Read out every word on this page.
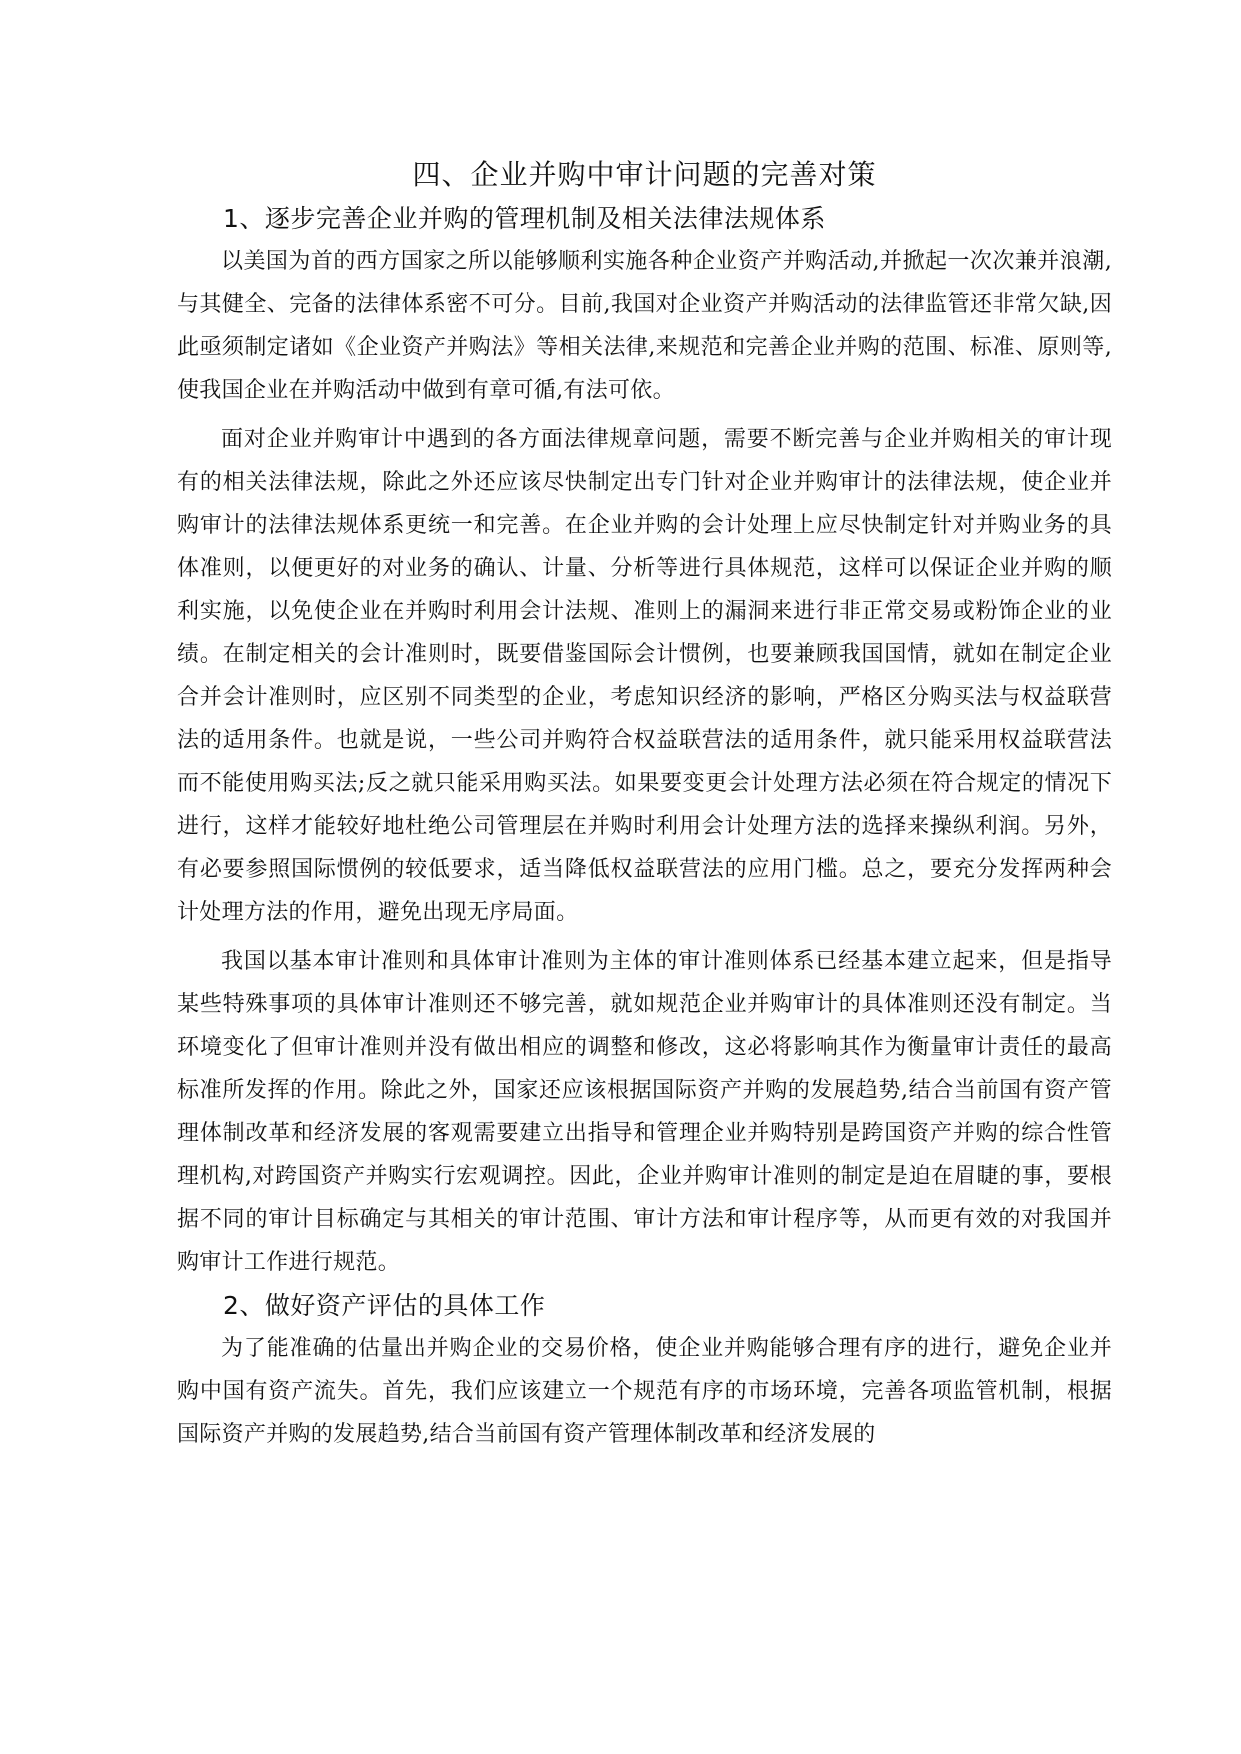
四、企业并购中审计问题的完善对策
1、逐步完善企业并购的管理机制及相关法律法规体系

以美国为首的西方国家之所以能够顺利实施各种企业资产并购活动,并掀起一次次兼并浪潮,与其健全、完备的法律体系密不可分。目前,我国对企业资产并购活动的法律监管还非常欠缺,因此亟须制定诸如《企业资产并购法》等相关法律,来规范和完善企业并购的范围、标准、原则等,使我国企业在并购活动中做到有章可循,有法可依。

面对企业并购审计中遇到的各方面法律规章问题，需要不断完善与企业并购相关的审计现有的相关法律法规，除此之外还应该尽快制定出专门针对企业并购审计的法律法规，使企业并购审计的法律法规体系更统一和完善。在企业并购的会计处理上应尽快制定针对并购业务的具体准则，以便更好的对业务的确认、计量、分析等进行具体规范，这样可以保证企业并购的顺利实施，以免使企业在并购时利用会计法规、准则上的漏洞来进行非正常交易或粉饰企业的业绩。在制定相关的会计准则时，既要借鉴国际会计惯例，也要兼顾我国国情，就如在制定企业合并会计准则时，应区别不同类型的企业，考虑知识经济的影响，严格区分购买法与权益联营法的适用条件。也就是说，一些公司并购符合权益联营法的适用条件，就只能采用权益联营法而不能使用购买法;反之就只能采用购买法。如果要变更会计处理方法必须在符合规定的情况下进行，这样才能较好地杜绝公司管理层在并购时利用会计处理方法的选择来操纵利润。另外，有必要参照国际惯例的较低要求，适当降低权益联营法的应用门槛。总之，要充分发挥两种会计处理方法的作用，避免出现无序局面。

我国以基本审计准则和具体审计准则为主体的审计准则体系已经基本建立起来，但是指导某些特殊事项的具体审计准则还不够完善，就如规范企业并购审计的具体准则还没有制定。当环境变化了但审计准则并没有做出相应的调整和修改，这必将影响其作为衡量审计责任的最高标准所发挥的作用。除此之外，国家还应该根据国际资产并购的发展趋势,结合当前国有资产管理体制改革和经济发展的客观需要建立出指导和管理企业并购特别是跨国资产并购的综合性管理机构,对跨国资产并购实行宏观调控。因此，企业并购审计准则的制定是迫在眉睫的事，要根据不同的审计目标确定与其相关的审计范围、审计方法和审计程序等，从而更有效的对我国并购审计工作进行规范。

2、做好资产评估的具体工作

为了能准确的估量出并购企业的交易价格，使企业并购能够合理有序的进行，避免企业并购中国有资产流失。首先，我们应该建立一个规范有序的市场环境，完善各项监管机制，根据国际资产并购的发展趋势,结合当前国有资产管理体制改革和经济发展的
